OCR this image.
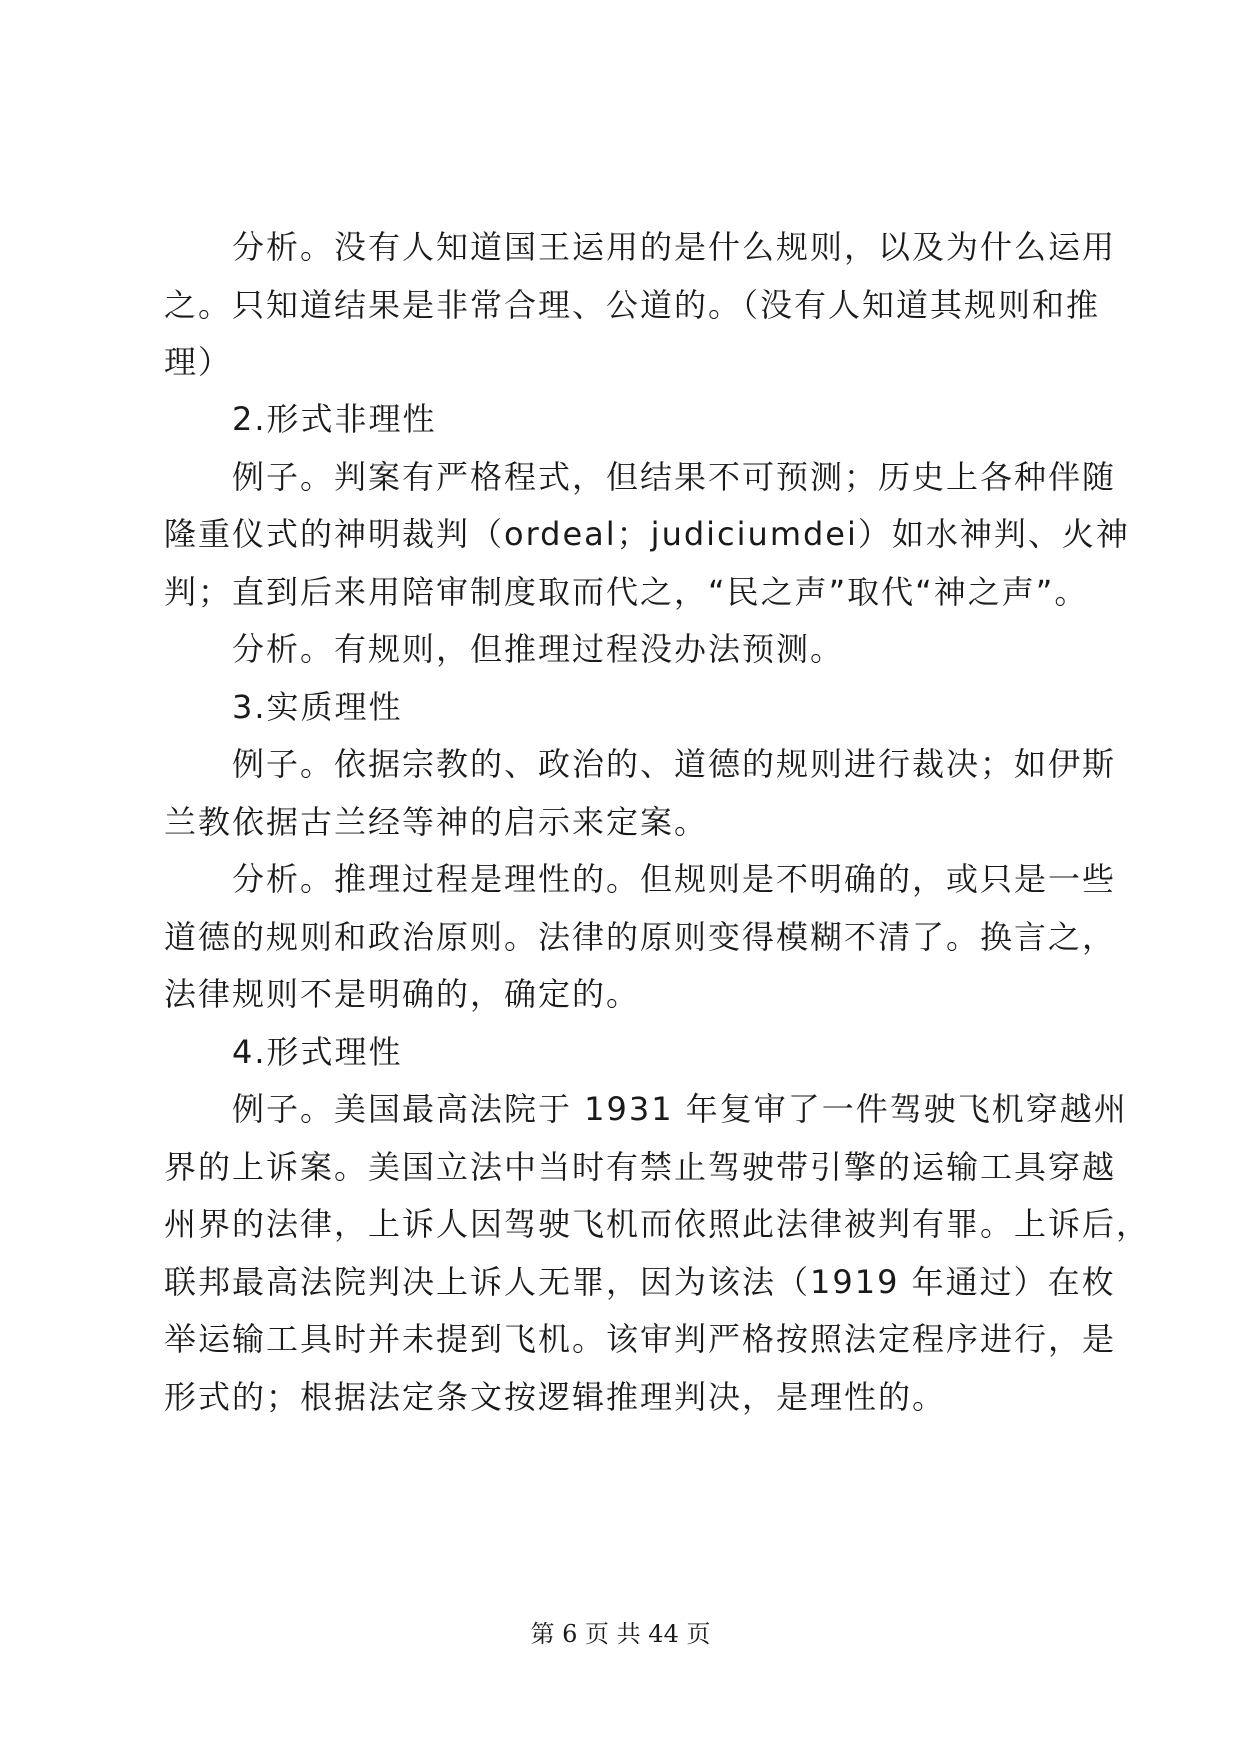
分析。没有人知道国王运用的是什么规则，以及为什么运用
之。只知道结果是非常合理、公道的。（没有人知道其规则和推
理）
2.形式非理性
例子。判案有严格程式，但结果不可预测；历史上各种伴随
隆重仪式的神明裁判（ordeal；judiciumdei）如水神判、火神
判；直到后来用陪审制度取而代之，“民之声”取代“神之声”。
分析。有规则，但推理过程没办法预测。
3.实质理性
例子。依据宗教的、政治的、道德的规则进行裁决；如伊斯
兰教依据古兰经等神的启示来定案。
分析。推理过程是理性的。但规则是不明确的，或只是一些
道德的规则和政治原则。法律的原则变得模糊不清了。换言之，
法律规则不是明确的，确定的。
4.形式理性
例子。美国最高法院于 1931 年复审了一件驾驶飞机穿越州
界的上诉案。美国立法中当时有禁止驾驶带引擎的运输工具穿越
州界的法律，上诉人因驾驶飞机而依照此法律被判有罪。上诉后，
联邦最高法院判决上诉人无罪，因为该法（1919 年通过）在枚
举运输工具时并未提到飞机。该审判严格按照法定程序进行，是
形式的；根据法定条文按逻辑推理判决，是理性的。
第 6 页 共 44 页
